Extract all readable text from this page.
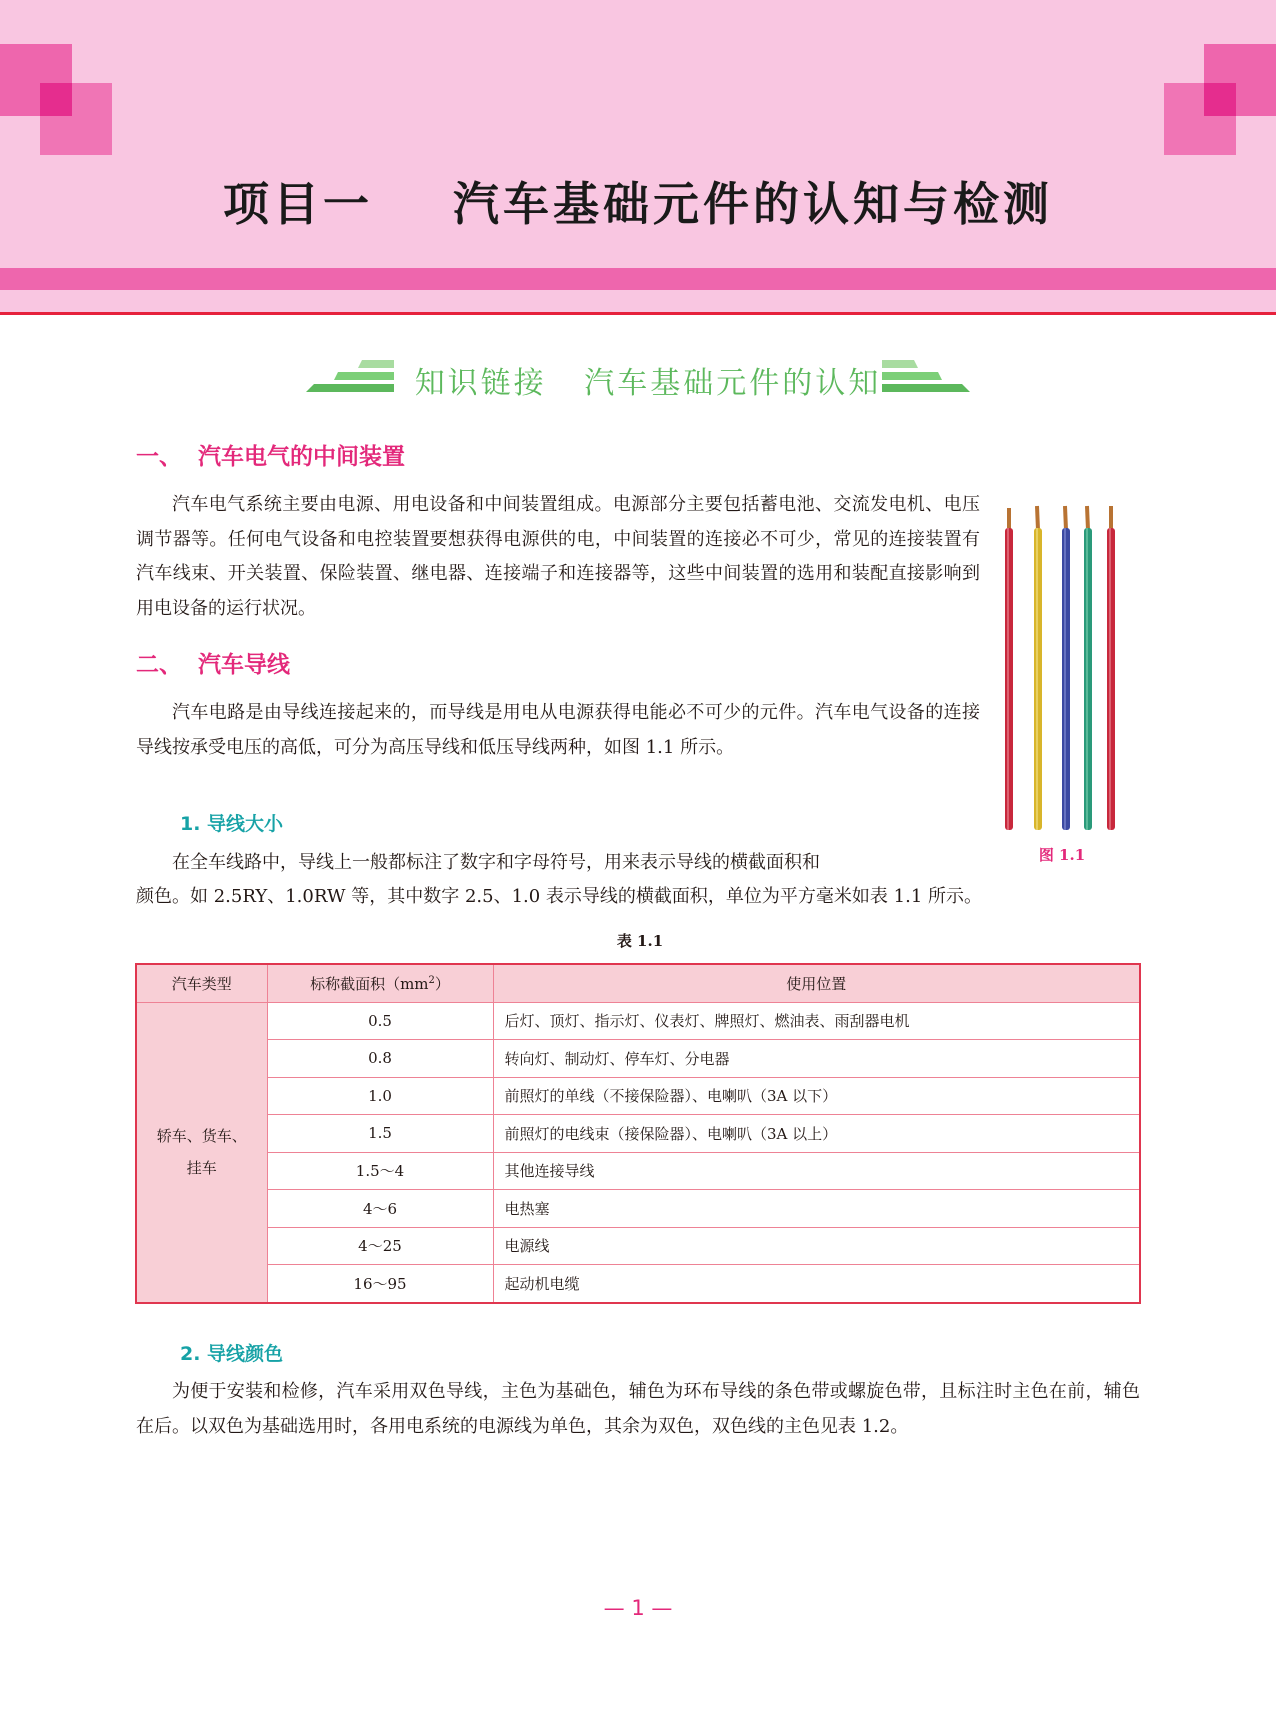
项目一    汽车基础元件的认知与检测
知识链接   汽车基础元件的认知
一、  汽车电气的中间装置

汽车电气系统主要由电源、用电设备和中间装置组成。电源部分主要包括蓄电池、交流发电机、电压调节器等。任何电气设备和电控装置要想获得电源供的电，中间装置的连接必不可少，常见的连接装置有汽车线束、开关装置、保险装置、继电器、连接端子和连接器等，这些中间装置的选用和装配直接影响到用电设备的运行状况。

图 1.1
二、  汽车导线

汽车电路是由导线连接起来的，而导线是用电从电源获得电能必不可少的元件。汽车电气设备的连接导线按承受电压的高低，可分为高压导线和低压导线两种，如图 1.1 所示。

1. 导线大小

在全车线路中，导线上一般都标注了数字和字母符号，用来表示导线的横截面积和

颜色。如 2.5RY、1.0RW 等，其中数字 2.5、1.0 表示导线的横截面积，单位为平方毫米如表 1.1 所示。

表 1.1
汽车类型	标称截面积$(mm^2)$	使用位置

轿车、货车、挂车	0.5	后灯、顶灯、指示灯、仪表灯、牌照灯、燃油表、雨刮器电机
	0.8	转向灯、制动灯、停车灯、分电器
	1.0	前照灯的单线（不接保险器）、电喇叭（3A 以下）
	1.5	前照灯的电线束（接保险器）、电喇叭（3A 以上）
	1.5～4	其他连接导线
	4～6	电热塞
	4～25	电源线
	16～95	起动机电缆
2. 导线颜色

为便于安装和检修，汽车采用双色导线，主色为基础色，辅色为环布导线的条色带或螺旋色带，且标注时主色在前，辅色在后。以双色为基础选用时，各用电系统的电源线为单色，其余为双色，双色线的主色见表 1.2。

— 1 —
